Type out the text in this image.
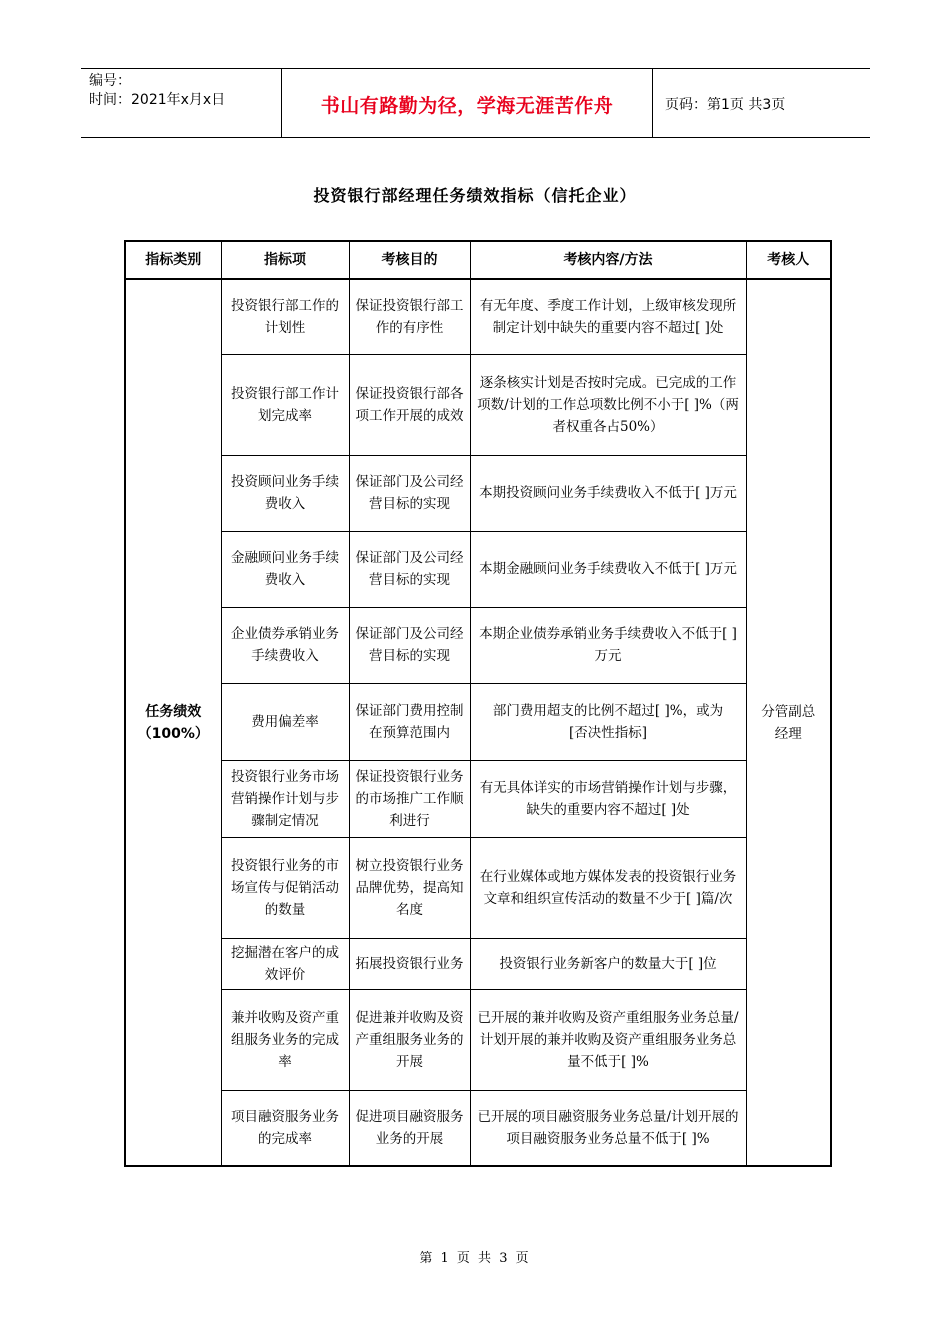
编号：
时间：2021年x月x日	书山有路勤为径，学海无涯苦作舟	页码：第1页 共3页
投资银行部经理任务绩效指标（信托企业）
指标类别	指标项	考核目的	考核内容/方法	考核人

任务绩效
（100%）	投资银行部工作的计划性	保证投资银行部工作的有序性	有无年度、季度工作计划，上级审核发现所制定计划中缺失的重要内容不超过[ ]处	分管副总经理
	投资银行部工作计划完成率	保证投资银行部各项工作开展的成效	逐条核实计划是否按时完成。已完成的工作项数/计划的工作总项数比例不小于[ ]%（两者权重各占50%）	
	投资顾问业务手续费收入	保证部门及公司经营目标的实现	本期投资顾问业务手续费收入不低于[ ]万元	
	金融顾问业务手续费收入	保证部门及公司经营目标的实现	本期金融顾问业务手续费收入不低于[ ]万元	
	企业债券承销业务手续费收入	保证部门及公司经营目标的实现	本期企业债券承销业务手续费收入不低于[ ]万元	
	费用偏差率	保证部门费用控制在预算范围内	部门费用超支的比例不超过[ ]%，或为[否决性指标]	
	投资银行业务市场营销操作计划与步骤制定情况	保证投资银行业务的市场推广工作顺利进行	有无具体详实的市场营销操作计划与步骤，缺失的重要内容不超过[ ]处	
	投资银行业务的市场宣传与促销活动的数量	树立投资银行业务品牌优势，提高知名度	在行业媒体或地方媒体发表的投资银行业务文章和组织宣传活动的数量不少于[ ]篇/次	
	挖掘潜在客户的成效评价	拓展投资银行业务	投资银行业务新客户的数量大于[ ]位	
	兼并收购及资产重组服务业务的完成率	促进兼并收购及资产重组服务业务的开展	已开展的兼并收购及资产重组服务业务总量/计划开展的兼并收购及资产重组服务业务总量不低于[ ]%	
	项目融资服务业务的完成率	促进项目融资服务业务的开展	已开展的项目融资服务业务总量/计划开展的项目融资服务业务总量不低于[ ]%	
第 1 页 共 3 页
